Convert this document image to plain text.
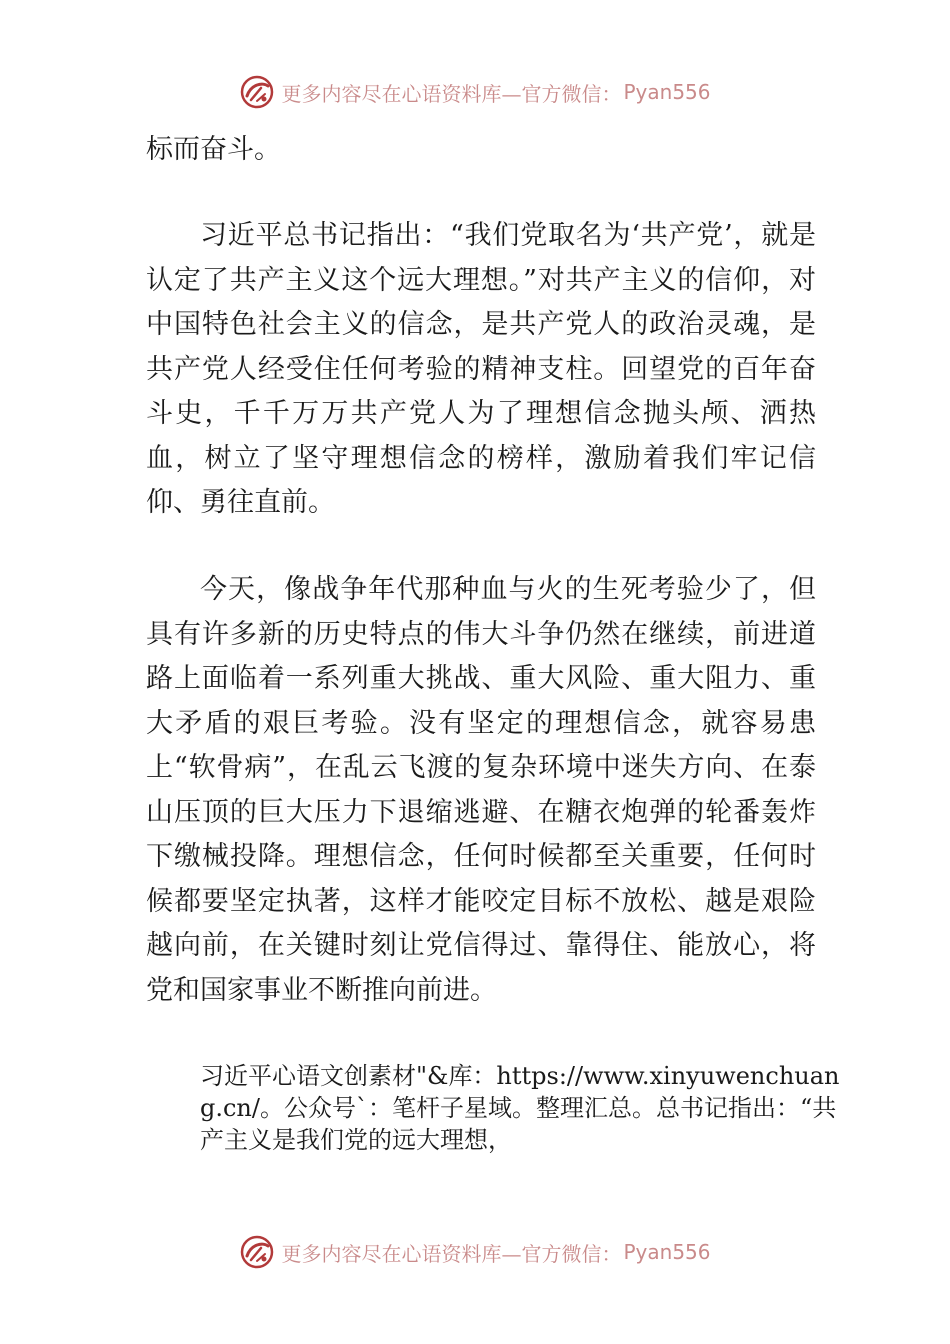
更多内容尽在心语资料库—官方微信： Pyan556

标而奋斗。

习近平总书记指出：“我们党取名为‘共产党’，就是认定了共产主义这个远大理想。”对共产主义的信仰，对中国特色社会主义的信念，是共产党人的政治灵魂，是共产党人经受住任何考验的精神支柱。回望党的百年奋斗史，千千万万共产党人为了理想信念抛头颅、洒热血，树立了坚守理想信念的榜样，激励着我们牢记信仰、勇往直前。

今天，像战争年代那种血与火的生死考验少了，但具有许多新的历史特点的伟大斗争仍然在继续，前进道路上面临着一系列重大挑战、重大风险、重大阻力、重大矛盾的艰巨考验。没有坚定的理想信念，就容易患上“软骨病”，在乱云飞渡的复杂环境中迷失方向、在泰山压顶的巨大压力下退缩逃避、在糖衣炮弹的轮番轰炸下缴械投降。理想信念，任何时候都至关重要，任何时候都要坚定执著，这样才能咬定目标不放松、越是艰险越向前，在关键时刻让党信得过、靠得住、能放心，将党和国家事业不断推向前进。

习近平心语文创素材"&库：https://www.xinyuwenchuang.cn/。公众号`：笔杆子星域。整理汇总。总书记指出：“共产主义是我们党的远大理想，

更多内容尽在心语资料库—官方微信： Pyan556
